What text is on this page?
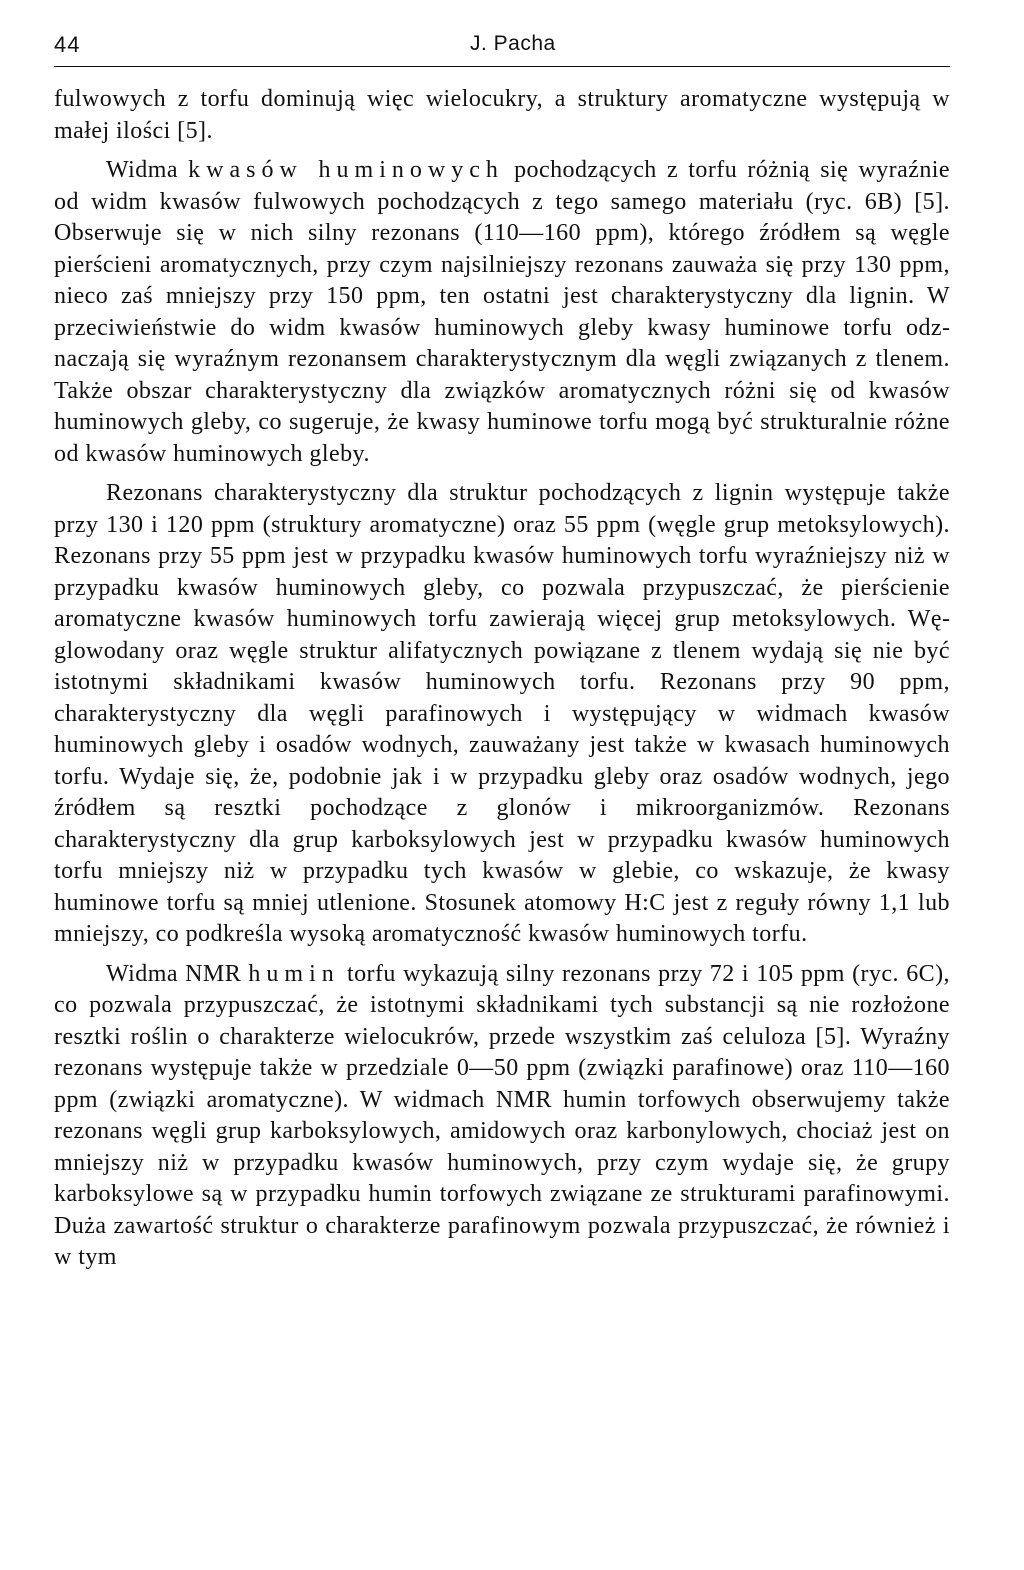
44	J. Pacha

fulwowych z torfu dominują więc wielocukry, a struktury aromatyczne występują w małej ilości [5].

Widma kwasów huminowych pochodzących z torfu różnią się wyraźnie od widm kwasów fulwowych pochodzących z tego samego materiału (ryc. 6B) [5]. Obserwuje się w nich silny rezonans (110—160 ppm), którego źródłem są węgle pierścieni aromatycznych, przy czym najsilniejszy rezonans zauważa się przy 130 ppm, nieco zaś mniejszy przy 150 ppm, ten ostatni jest charakterystyczny dla lignin. W przeciwieństwie do widm kwasów huminowych gleby kwasy huminowe torfu odznaczają się wyraźnym rezonansem charakterystycznym dla węgli związanych z tlenem. Także obszar charakterystyczny dla związków aromatycznych różni się od kwasów huminowych gleby, co sugeruje, że kwasy huminowe torfu mogą być strukturalnie różne od kwasów huminowych gleby.

Rezonans charakterystyczny dla struktur pochodzących z lignin występuje także przy 130 i 120 ppm (struktury aromatyczne) oraz 55 ppm (węgle grup metoksylowych). Rezonans przy 55 ppm jest w przypadku kwasów huminowych torfu wyraźniejszy niż w przypadku kwasów huminowych gleby, co pozwala przypuszczać, że pierścienie aromatyczne kwasów huminowych torfu zawierają więcej grup metoksylowych. Węglowodany oraz węgle struktur alifatycznych powiązane z tlenem wydają się nie być istotnymi składnikami kwasów huminowych torfu. Rezonans przy 90 ppm, charakterystyczny dla węgli parafinowych i występujący w widmach kwasów huminowych gleby i osadów wodnych, zauważany jest także w kwasach huminowych torfu. Wydaje się, że, podobnie jak i w przypadku gleby oraz osadów wodnych, jego źródłem są resztki pochodzące z glonów i mikroorganizmów. Rezonans charakterystyczny dla grup karboksylowych jest w przypadku kwasów huminowych torfu mniejszy niż w przypadku tych kwasów w glebie, co wskazuje, że kwasy huminowe torfu są mniej utlenione. Stosunek atomowy H:C jest z reguły równy 1,1 lub mniejszy, co podkreśla wysoką aromatyczność kwasów huminowych torfu.

Widma NMR humin torfu wykazują silny rezonans przy 72 i 105 ppm (ryc. 6C), co pozwala przypuszczać, że istotnymi składnikami tych substancji są nie rozłożone resztki roślin o charakterze wielocukrów, przede wszystkim zaś celuloza [5]. Wyraźny rezonans występuje także w przedziale 0—50 ppm (związki parafinowe) oraz 110—160 ppm (związki aromatyczne). W widmach NMR humin torfowych obserwujemy także rezonans węgli grup karboksylowych, amidowych oraz karbonylowych, chociaż jest on mniejszy niż w przypadku kwasów huminowych, przy czym wydaje się, że grupy karboksylowe są w przypadku humin torfowych związane ze strukturami parafinowymi. Duża zawartość struktur o charakterze parafinowym pozwala przypuszczać, że również i w tym
